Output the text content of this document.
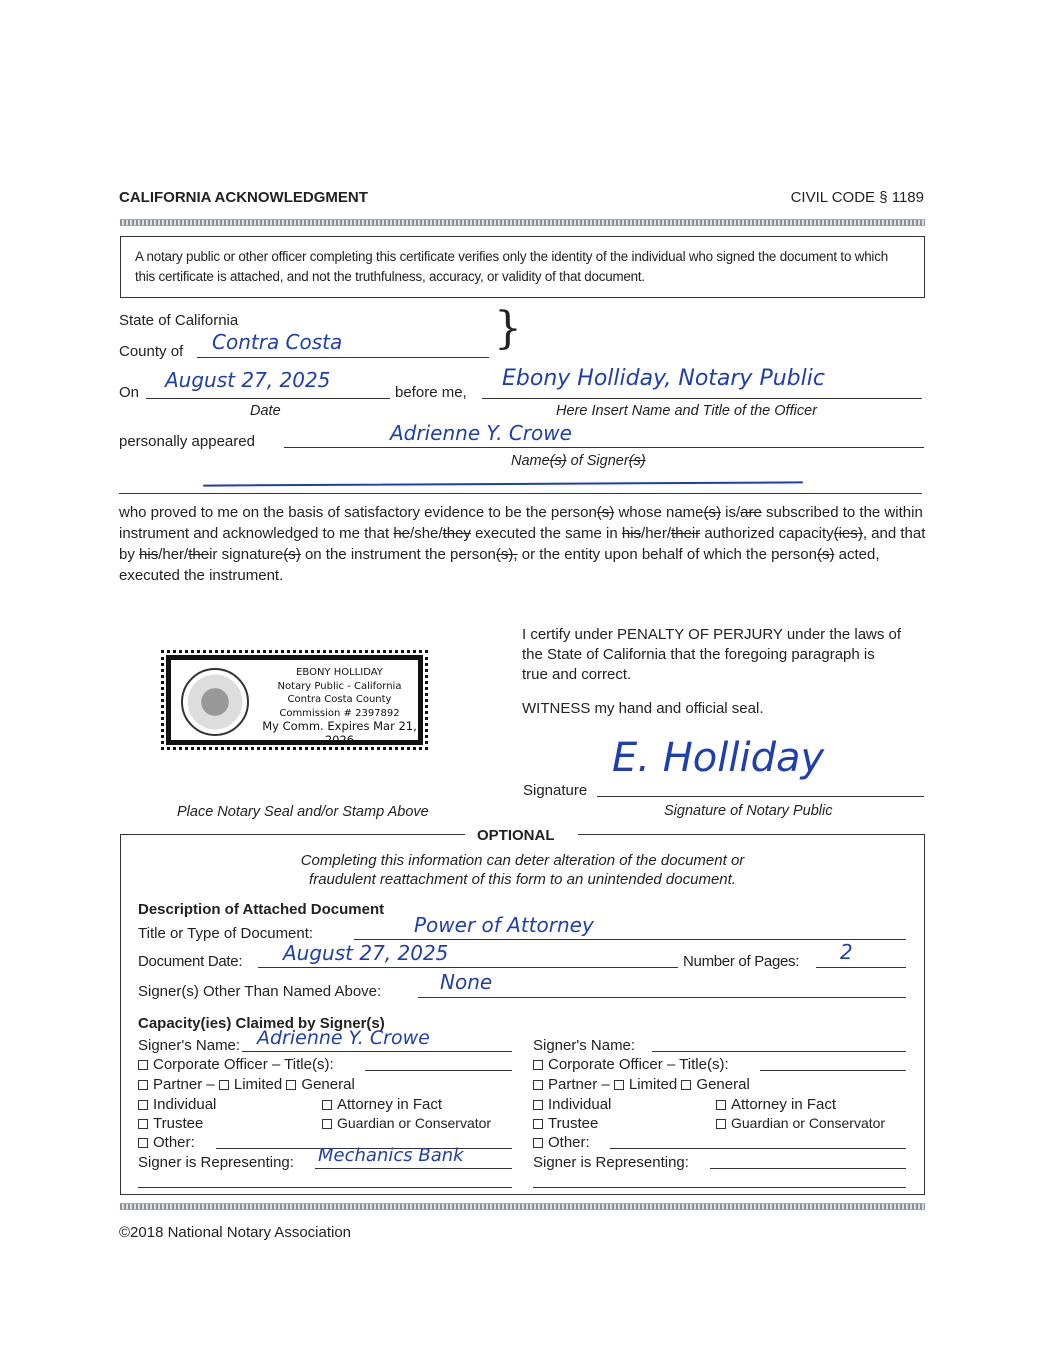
CALIFORNIA ACKNOWLEDGMENT	CIVIL CODE § 1189
A notary public or other officer completing this certificate verifies only the identity of the individual who signed the document to which this certificate is attached, and not the truthfulness, accuracy, or validity of that document.
State of California
County of Contra Costa	}
On
August 27, 2025
Date
before me,
Ebony Holliday, Notary Public
Here Insert Name and Title of the Officer
personally appeared	Adrienne Y. Crowe
Name(s) of Signer(s)
who proved to me on the basis of satisfactory evidence to be the person(s) whose name(s) is/are subscribed to the within instrument and acknowledged to me that he/she/they executed the same in his/her/their authorized capacity(ies), and that by his/her/their signature(s) on the instrument the person(s), or the entity upon behalf of which the person(s) acted, executed the instrument.
I certify under PENALTY OF PERJURY under the laws of the State of California that the foregoing paragraph is true and correct.
WITNESS my hand and official seal.
Signature
E. Holliday
Signature of Notary Public
EBONY HOLLIDAY
Notary Public - California
Contra Costa County
Commission # 2397892
My Comm. Expires Mar 21, 2026
Place Notary Seal and/or Stamp Above
OPTIONAL
Completing this information can deter alteration of the document or
fraudulent reattachment of this form to an unintended document.
Description of Attached Document
Title or Type of Document:	Power of Attorney
Document Date: August 27, 2025	Number of Pages: 2
Signer(s) Other Than Named Above:	None
Capacity(ies) Claimed by Signer(s)
Signer's Name: Adrienne Y. Crowe
Corporate Officer – Title(s):
Partner – Limited General
Individual	Attorney in Fact
Trustee	Guardian or Conservator
Other:
Signer is Representing: Mechanics Bank
Signer's Name:
Corporate Officer – Title(s):
Partner – Limited General
Individual	Attorney in Fact
Trustee	Guardian or Conservator
Other:
Signer is Representing:
©2018 National Notary Association
